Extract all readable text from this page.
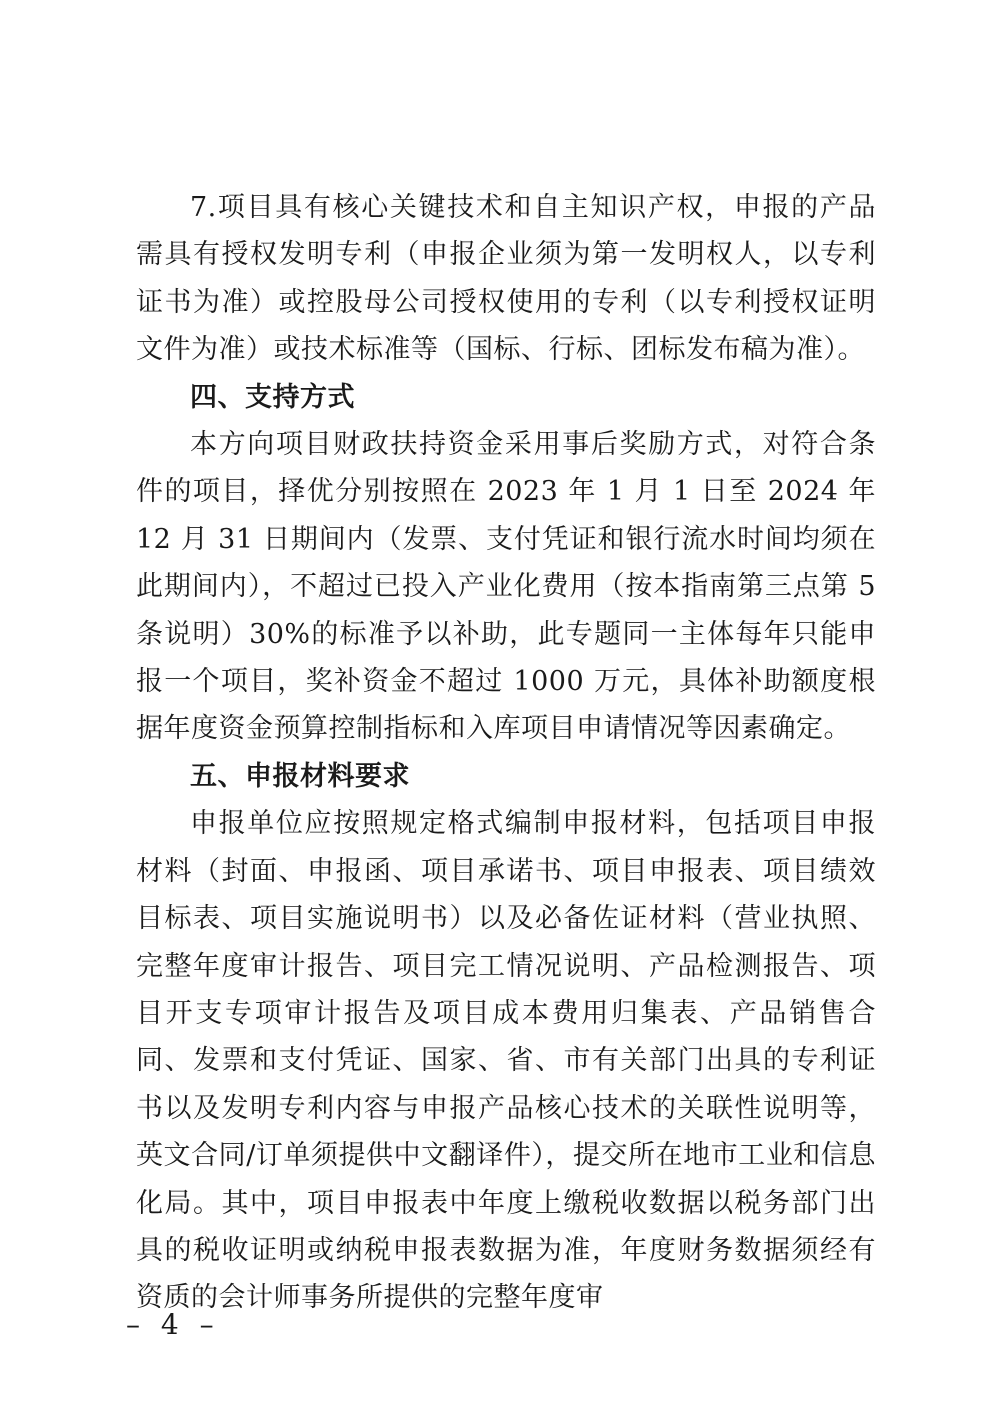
7.项目具有核心关键技术和自主知识产权，申报的产品需具有授权发明专利（申报企业须为第一发明权人，以专利证书为准）或控股母公司授权使用的专利（以专利授权证明文件为准）或技术标准等（国标、行标、团标发布稿为准）。

四、支持方式

本方向项目财政扶持资金采用事后奖励方式，对符合条件的项目，择优分别按照在 2023 年 1 月 1 日至 2024 年 12 月 31 日期间内（发票、支付凭证和银行流水时间均须在此期间内），不超过已投入产业化费用（按本指南第三点第 5 条说明）30%的标准予以补助，此专题同一主体每年只能申报一个项目，奖补资金不超过 1000 万元，具体补助额度根据年度资金预算控制指标和入库项目申请情况等因素确定。

五、申报材料要求

申报单位应按照规定格式编制申报材料，包括项目申报材料（封面、申报函、项目承诺书、项目申报表、项目绩效目标表、项目实施说明书）以及必备佐证材料（营业执照、完整年度审计报告、项目完工情况说明、产品检测报告、项目开支专项审计报告及项目成本费用归集表、产品销售合同、发票和支付凭证、国家、省、市有关部门出具的专利证书以及发明专利内容与申报产品核心技术的关联性说明等，英文合同/订单须提供中文翻译件），提交所在地市工业和信息化局。其中，项目申报表中年度上缴税收数据以税务部门出具的税收证明或纳税申报表数据为准，年度财务数据须经有资质的会计师事务所提供的完整年度审

– 4 –
